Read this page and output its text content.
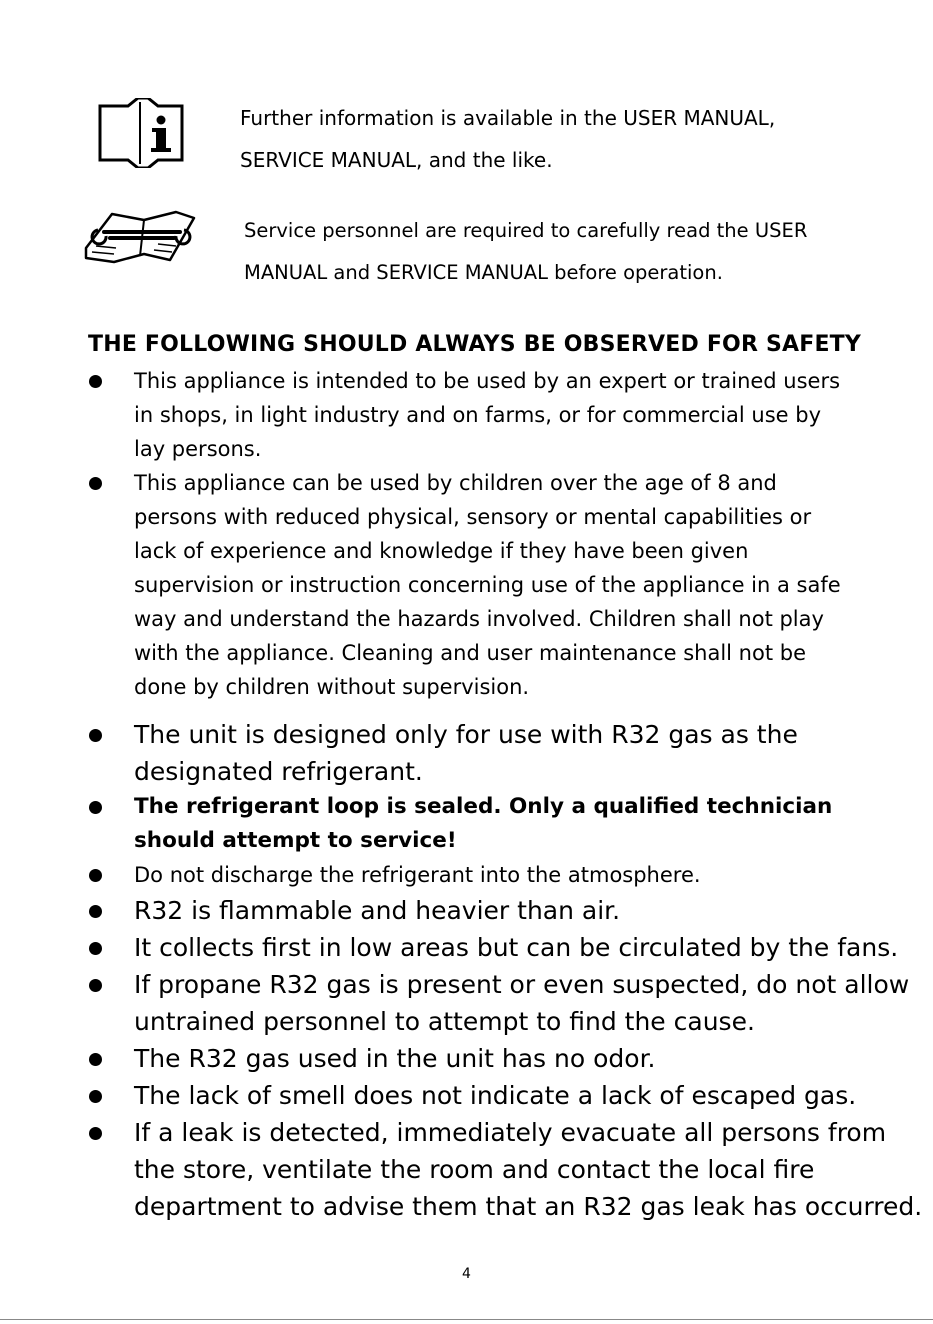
Further information is available in the USER MANUAL,
SERVICE MANUAL, and the like.
Service personnel are required to carefully read the USER
MANUAL and SERVICE MANUAL before operation.
THE FOLLOWING SHOULD ALWAYS BE OBSERVED FOR SAFETY
This appliance is intended to be used by an expert or trained users
in shops, in light industry and on farms, or for commercial use by
lay persons.
This appliance can be used by children over the age of 8 and
persons with reduced physical, sensory or mental capabilities or
lack of experience and knowledge if they have been given
supervision or instruction concerning use of the appliance in a safe
way and understand the hazards involved. Children shall not play
with the appliance. Cleaning and user maintenance shall not be
done by children without supervision.
The unit is designed only for use with R32 gas as the
designated refrigerant.
The refrigerant loop is sealed. Only a qualified technician
should attempt to service!
Do not discharge the refrigerant into the atmosphere.
R32 is flammable and heavier than air.
It collects first in low areas but can be circulated by the fans.
If propane R32 gas is present or even suspected, do not allow
untrained personnel to attempt to find the cause.
The R32 gas used in the unit has no odor.
The lack of smell does not indicate a lack of escaped gas.
If a leak is detected, immediately evacuate all persons from
the store, ventilate the room and contact the local fire
department to advise them that an R32 gas leak has occurred.
4
